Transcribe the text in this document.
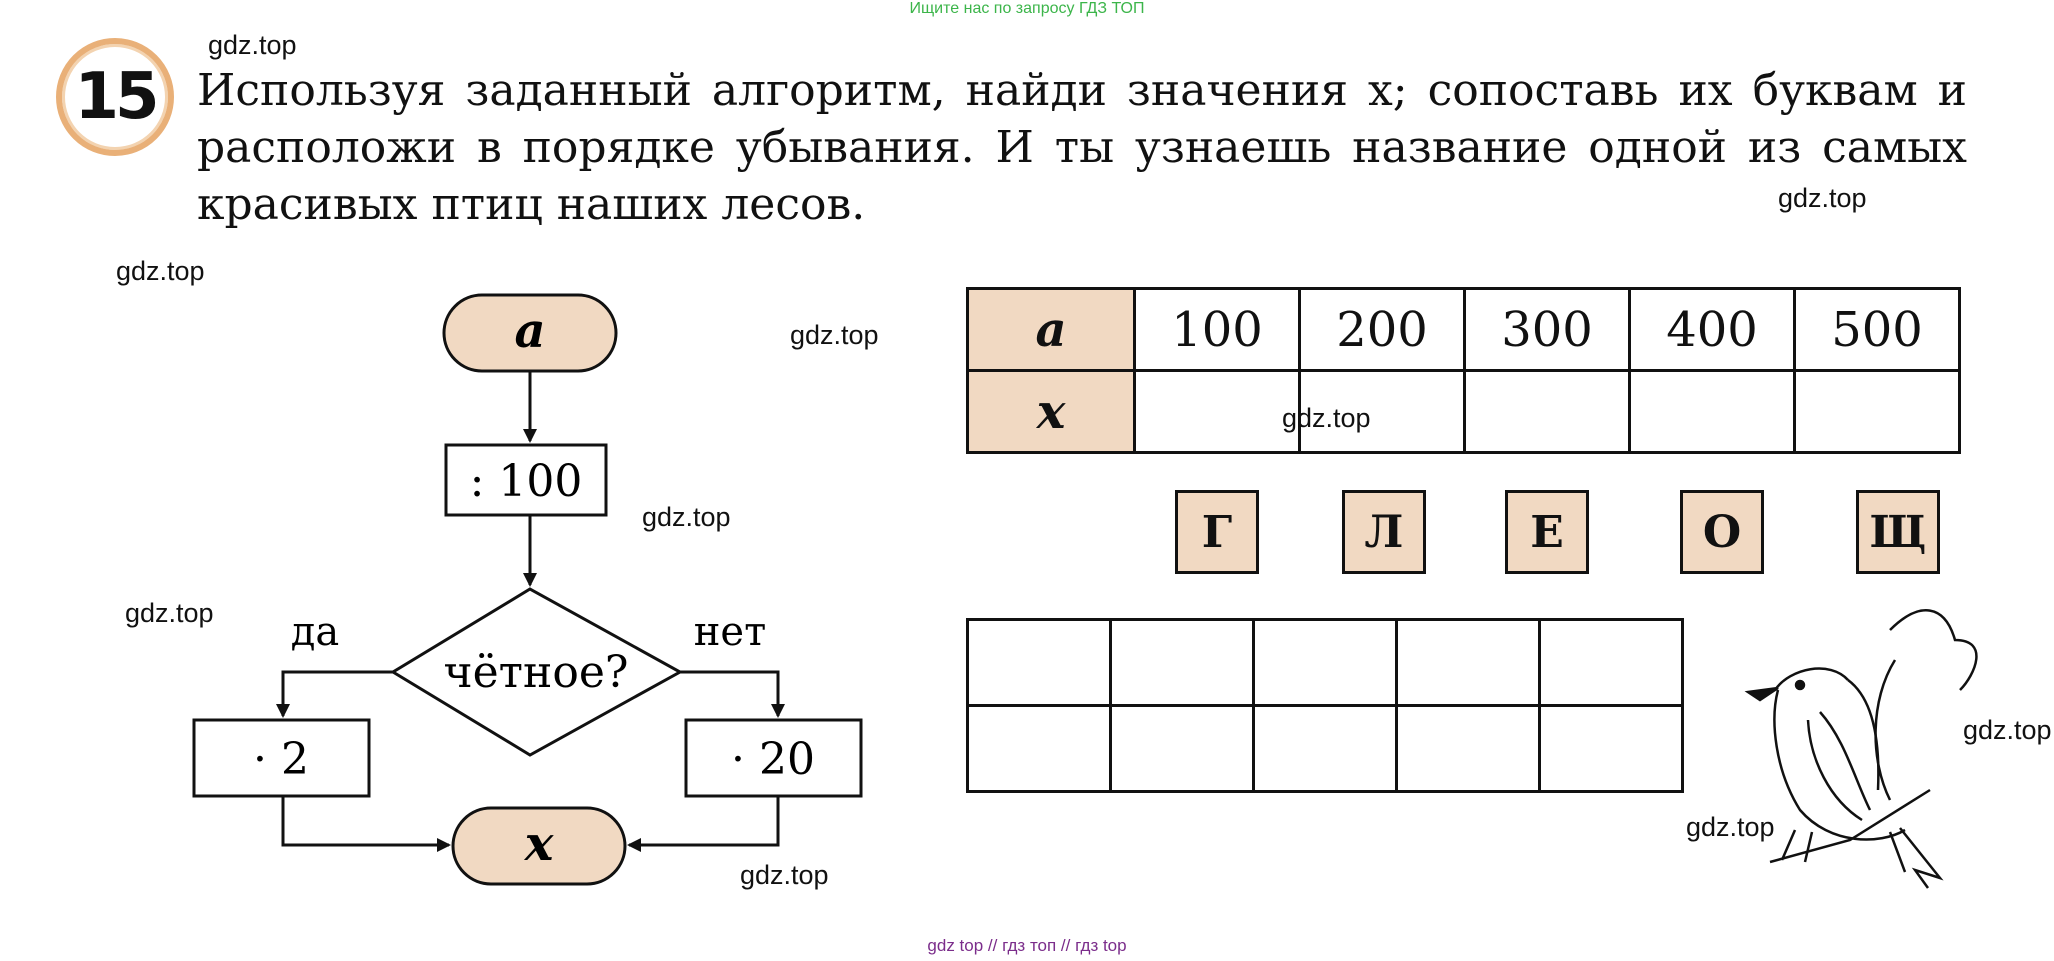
Ищите нас по запросу ГДЗ ТОП
15 Используя заданный алгоритм, найди значения x; сопоставь их буквам и расположи в порядке убывания. И ты узнаешь название одной из самых красивых птиц наших лесов.
a
: 100
чётное?
да	нет
· 2	· 20
x
a	100	200	300	400	500
x					
Г	Л	Е	О	Щ

gdz.top
gdz.top
gdz.top
gdz.top
gdz.top
gdz.top
gdz.top
gdz.top
gdz.top
gdz.top
gdz top // гдз топ // гдз top
